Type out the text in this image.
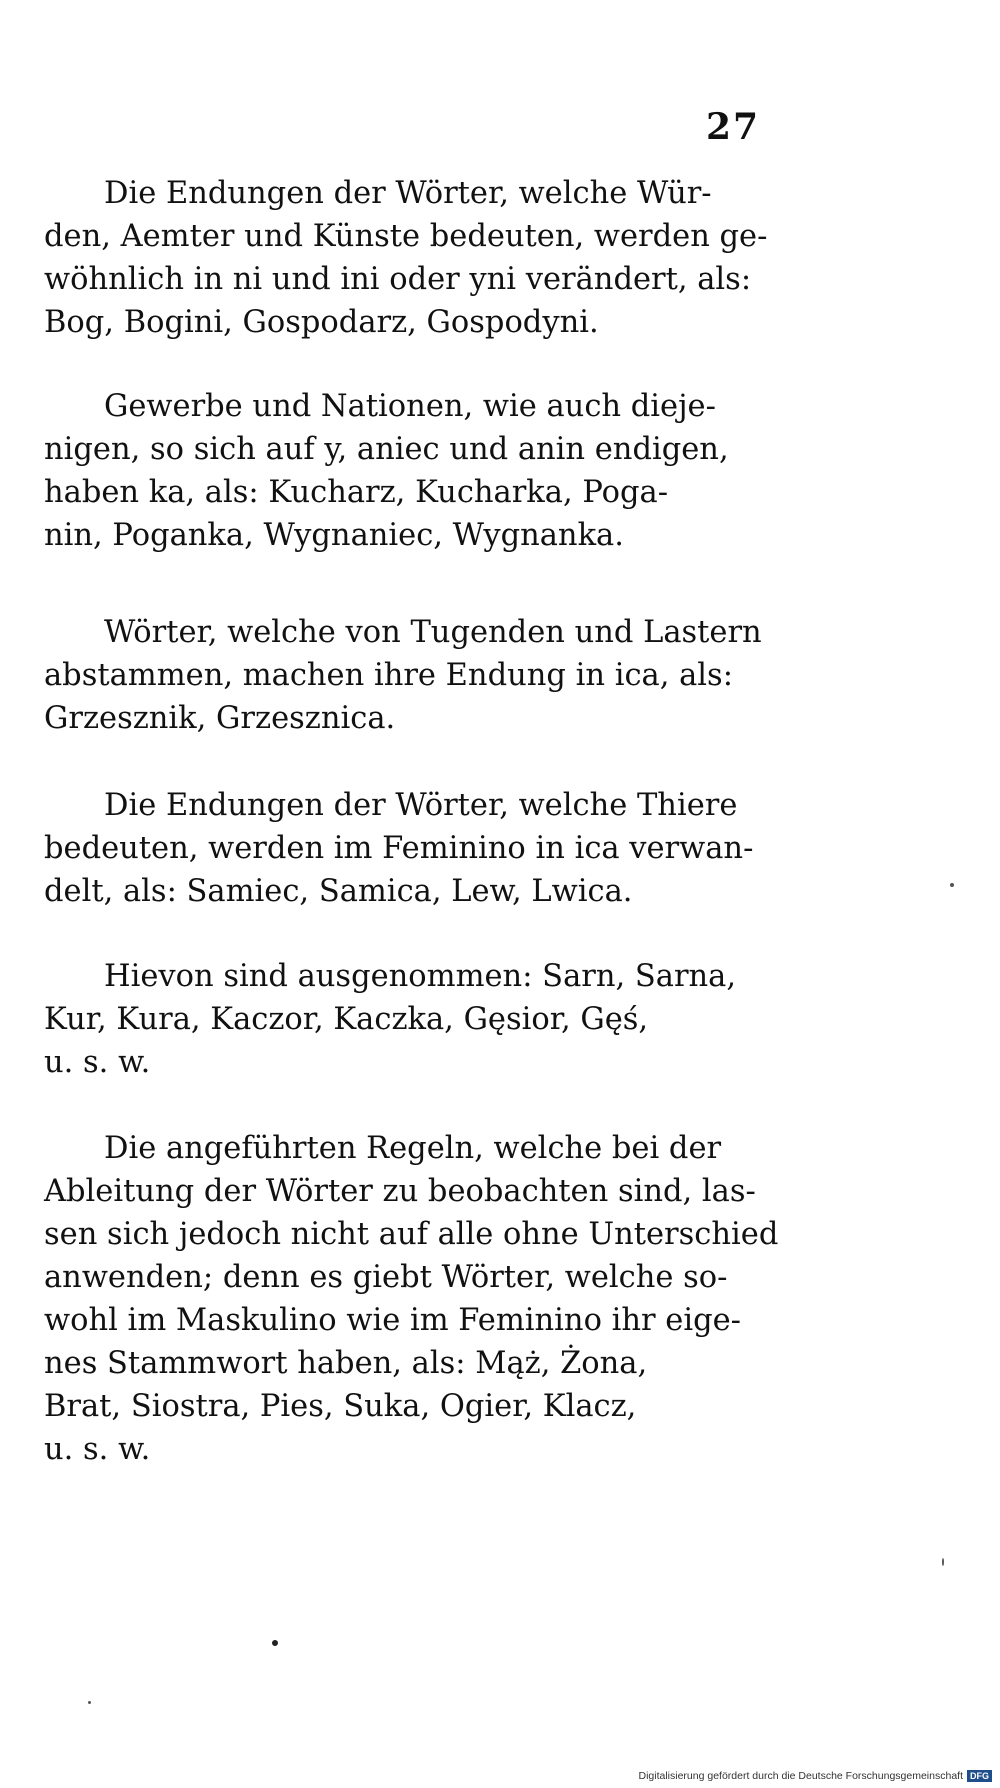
27
Die Endungen der Wörter, welche Wür-
den, Aemter und Künste bedeuten, werden ge-
wöhnlich in ni und ini oder yni verändert, als:
Bog, Bogini, Gospodarz, Gospodyni.
Gewerbe und Nationen, wie auch dieje-
nigen, so sich auf y, aniec und anin endigen,
haben ka, als: Kucharz, Kucharka, Poga-
nin, Poganka, Wygnaniec, Wygnanka.
Wörter, welche von Tugenden und Lastern
abstammen, machen ihre Endung in ica, als:
Grzesznik, Grzesznica.
Die Endungen der Wörter, welche Thiere
bedeuten, werden im Feminino in ica verwan-
delt, als: Samiec, Samica, Lew, Lwica.
Hievon sind ausgenommen: Sarn, Sarna,
Kur, Kura, Kaczor, Kaczka, Gęsior, Gęś,
u. s. w.
Die angeführten Regeln, welche bei der
Ableitung der Wörter zu beobachten sind, las-
sen sich jedoch nicht auf alle ohne Unterschied
anwenden; denn es giebt Wörter, welche so-
wohl im Maskulino wie im Feminino ihr eige-
nes Stammwort haben, als: Mąż, Żona,
Brat, Siostra, Pies, Suka, Ogier, Klacz,
u. s. w.
Digitalisierung gefördert durch die Deutsche Forschungsgemeinschaft DFG
